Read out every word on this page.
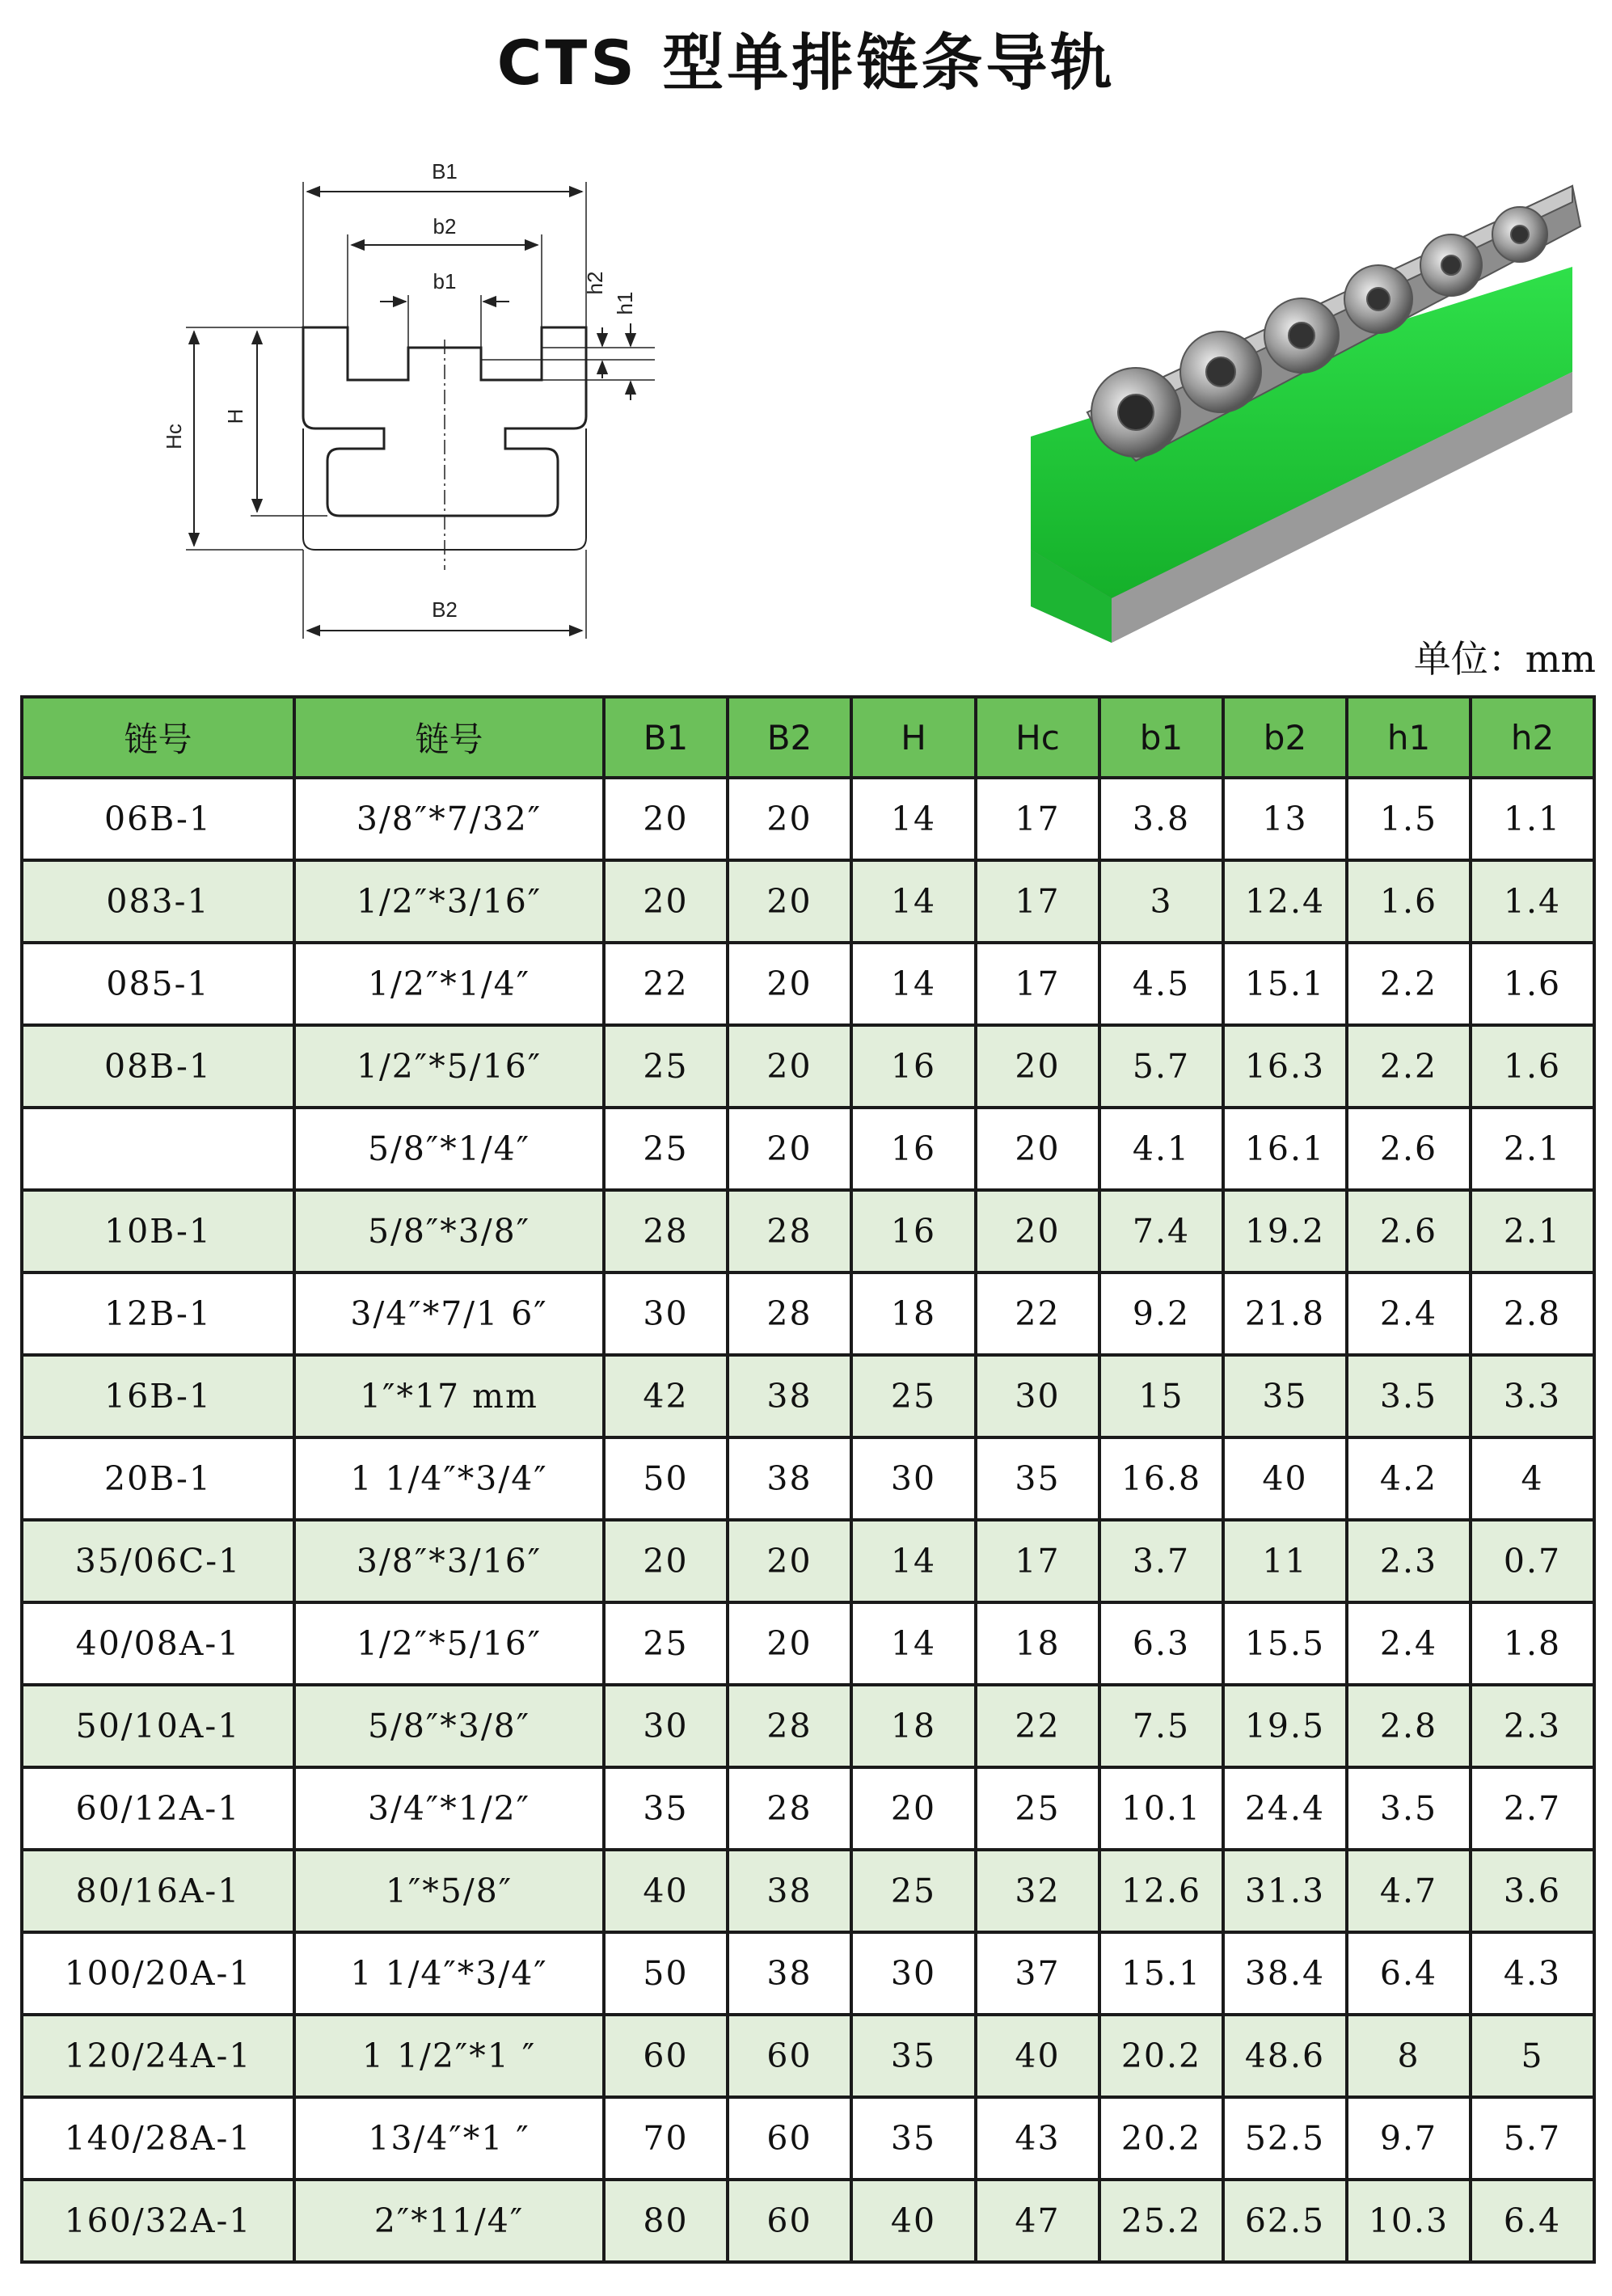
CTS 型单排链条导轨
B1
b2
b1	h2
h1
Hc
H
B2
单位：mm
链号	链号	B1	B2	H	Hc	b1	b2	h1	h2
06B-1	3/8″*7/32″	20	20	14	17	3.8	13	1.5	1.1
083-1	1/2″*3/16″	20	20	14	17	3	12.4	1.6	1.4
085-1	1/2″*1/4″	22	20	14	17	4.5	15.1	2.2	1.6
08B-1	1/2″*5/16″	25	20	16	20	5.7	16.3	2.2	1.6
	5/8″*1/4″	25	20	16	20	4.1	16.1	2.6	2.1
10B-1	5/8″*3/8″	28	28	16	20	7.4	19.2	2.6	2.1
12B-1	3/4″*7/1 6″	30	28	18	22	9.2	21.8	2.4	2.8
16B-1	1″*17 mm	42	38	25	30	15	35	3.5	3.3
20B-1	1 1/4″*3/4″	50	38	30	35	16.8	40	4.2	4
35/06C-1	3/8″*3/16″	20	20	14	17	3.7	11	2.3	0.7
40/08A-1	1/2″*5/16″	25	20	14	18	6.3	15.5	2.4	1.8
50/10A-1	5/8″*3/8″	30	28	18	22	7.5	19.5	2.8	2.3
60/12A-1	3/4″*1/2″	35	28	20	25	10.1	24.4	3.5	2.7
80/16A-1	1″*5/8″	40	38	25	32	12.6	31.3	4.7	3.6
100/20A-1	1 1/4″*3/4″	50	38	30	37	15.1	38.4	6.4	4.3
120/24A-1	1 1/2″*1 ″	60	60	35	40	20.2	48.6	8	5
140/28A-1	13/4″*1 ″	70	60	35	43	20.2	52.5	9.7	5.7
160/32A-1	2″*11/4″	80	60	40	47	25.2	62.5	10.3	6.4
